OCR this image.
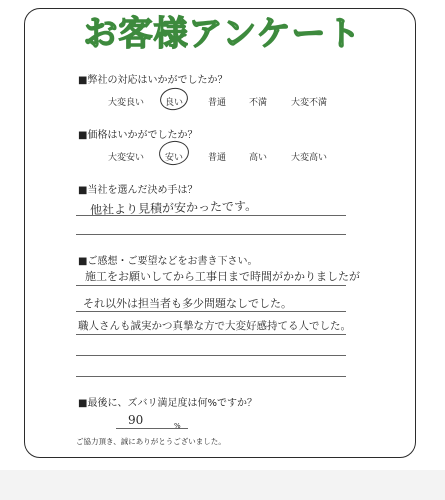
お客様アンケート
■弊社の対応はいかがでしたか？
大変良い 良い	普通	不満	大変不満
■価格はいかがでしたか？
大変安い 安い	普通	高い	大変高い
■当社を選んだ決め手は？
他社より見積が安かったです。
■ご感想・ご要望などをお書き下さい。
施工をお願いしてから工事日まで時間がかかりましたが
それ以外は担当者も多少問題なしでした。
職人さんも誠実かつ真摯な方で大変好感持てる人でした。
■最後に、ズバリ満足度は何%ですか？
90	%
ご協力頂き、誠にありがとうございました。
